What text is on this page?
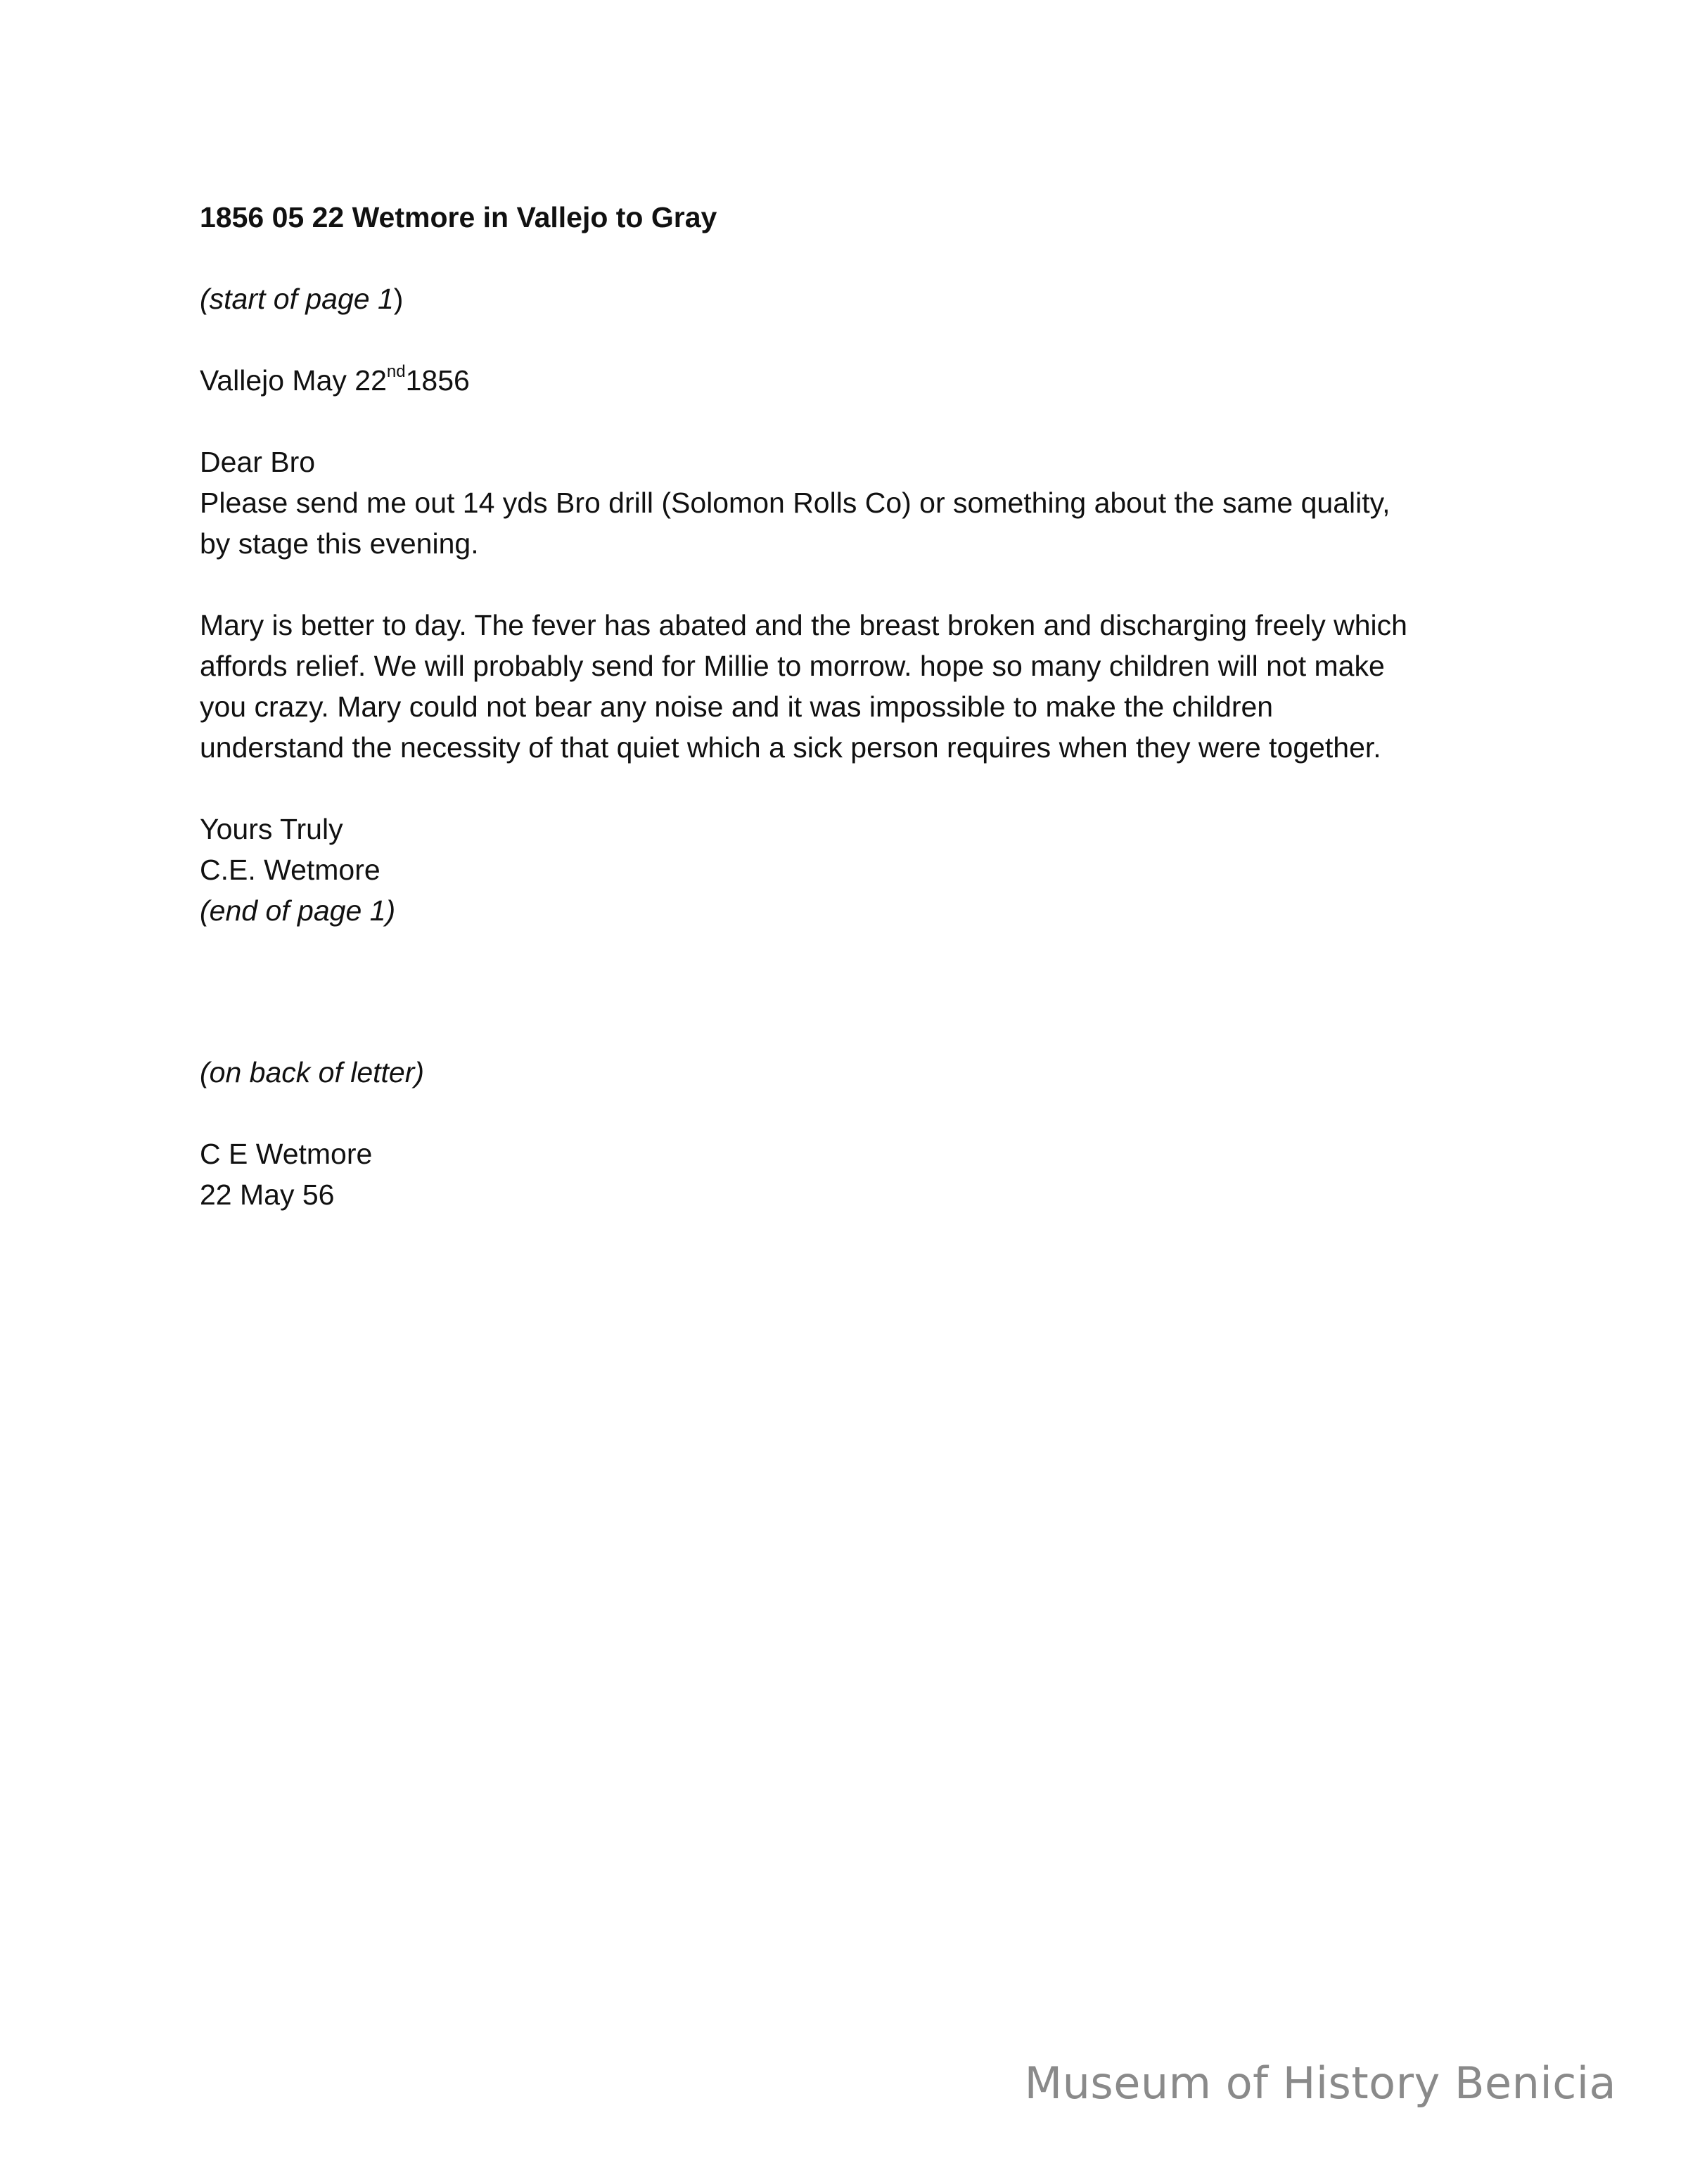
1856 05 22 Wetmore in Vallejo to Gray
(start of page 1)
Vallejo May 22nd1856
Dear Bro
Please send me out 14 yds Bro drill (Solomon Rolls Co) or something about the same quality,
by stage this evening.
Mary is better to day. The fever has abated and the breast broken and discharging freely which
affords relief. We will probably send for Millie to morrow. hope so many children will not make
you crazy. Mary could not bear any noise and it was impossible to make the children
understand the necessity of that quiet which a sick person requires when they were together.
Yours Truly
C.E. Wetmore
(end of page 1)
(on back of letter)
C E Wetmore
22 May 56
Museum of History Benicia
